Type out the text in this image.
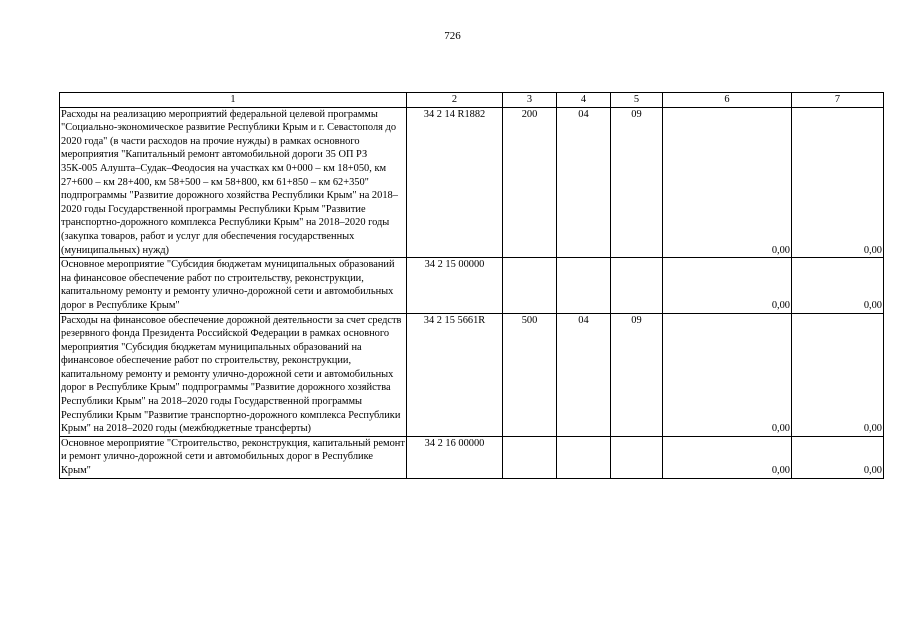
726
1	2	3	4	5	6	7
Расходы на реализацию мероприятий федеральной целевой программы "Социально-экономическое развитие Республики Крым и г. Севастополя до 2020 года" (в части расходов на прочие нужды) в рамках основного мероприятия "Капитальный ремонт автомобильной дороги 35 ОП РЗ 35К-005 Алушта–Судак–Феодосия на участках км 0+000 – км 18+050, км 27+600 – км 28+400, км 58+500 – км 58+800, км 61+850 – км 62+350" подпрограммы "Развитие дорожного хозяйства Республики Крым" на 2018–2020 годы Государственной программы Республики Крым "Развитие транспортно-дорожного комплекса Республики Крым" на 2018–2020 годы (закупка товаров, работ и услуг для обеспечения государственных (муниципальных) нужд)	34 2 14 R1882	200	04	09	0,00	0,00
Основное мероприятие "Субсидия бюджетам муниципальных образований на финансовое обеспечение работ по строительству, реконструкции, капитальному ремонту и ремонту улично-дорожной сети и автомобильных дорог в Республике Крым"	34 2 15 00000				0,00	0,00
Расходы на финансовое обеспечение дорожной деятельности за счет средств резервного фонда Президента Российской Федерации в рамках основного мероприятия "Субсидия бюджетам муниципальных образований на финансовое обеспечение работ по строительству, реконструкции, капитальному ремонту и ремонту улично-дорожной сети и автомобильных дорог в Республике Крым" подпрограммы "Развитие дорожного хозяйства Республики Крым" на 2018–2020 годы Государственной программы Республики Крым "Развитие транспортно-дорожного комплекса Республики Крым" на 2018–2020 годы (межбюджетные трансферты)	34 2 15 5661R	500	04	09	0,00	0,00
Основное мероприятие "Строительство, реконструкция, капитальный ремонт и ремонт улично-дорожной сети и автомобильных дорог в Республике Крым"	34 2 16 00000				0,00	0,00
